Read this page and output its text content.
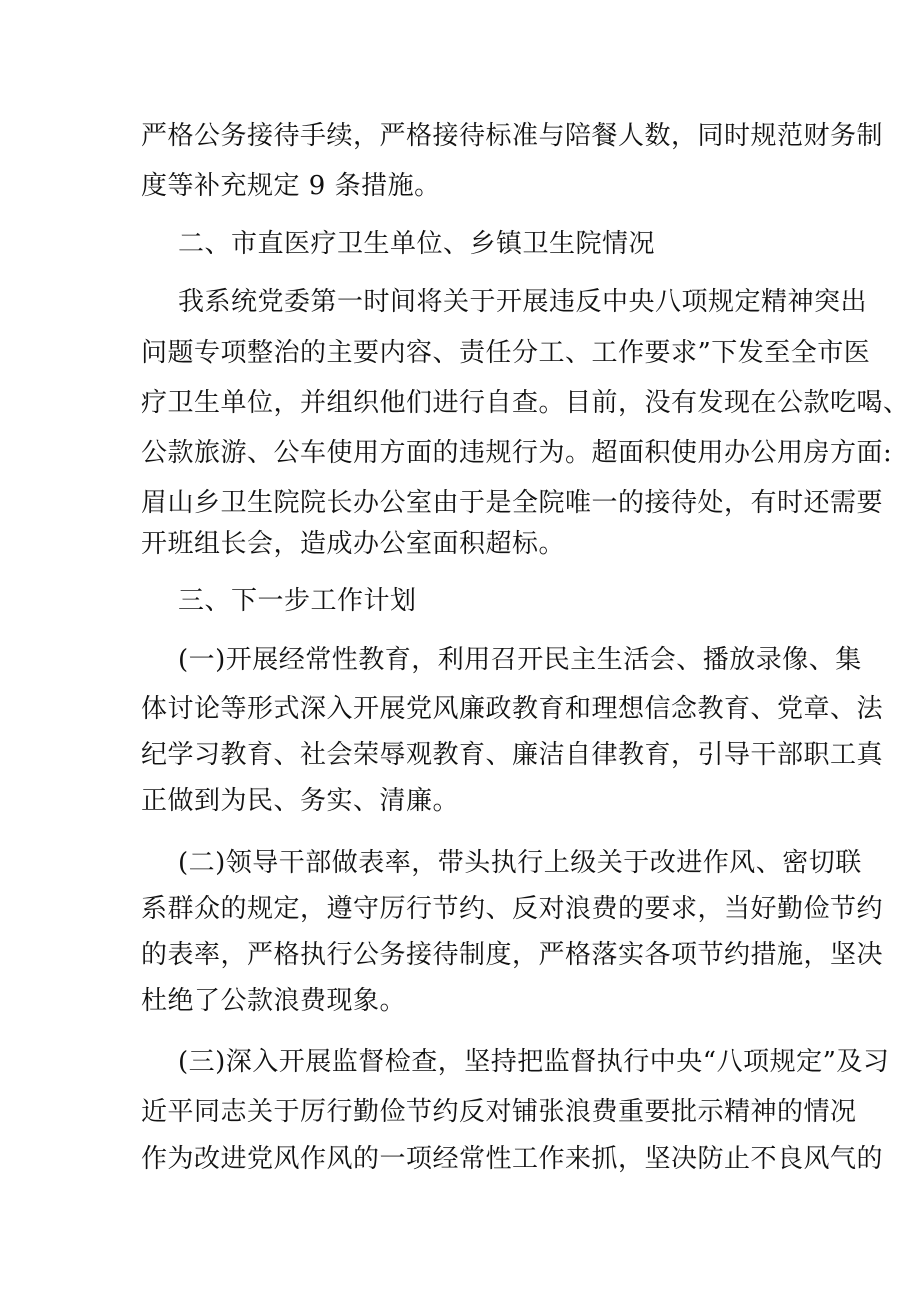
严格公务接待手续，严格接待标准与陪餐人数，同时规范财务制
度等补充规定 9 条措施。
二、市直医疗卫生单位、乡镇卫生院情况
我系统党委第一时间将关于开展违反中央八项规定精神突出
问题专项整治的主要内容、责任分工、工作要求”下发至全市医
疗卫生单位，并组织他们进行自查。目前，没有发现在公款吃喝、
公款旅游、公车使用方面的违规行为。超面积使用办公用房方面:
眉山乡卫生院院长办公室由于是全院唯一的接待处，有时还需要
开班组长会，造成办公室面积超标。
三、下一步工作计划
(一)开展经常性教育，利用召开民主生活会、播放录像、集
体讨论等形式深入开展党风廉政教育和理想信念教育、党章、法
纪学习教育、社会荣辱观教育、廉洁自律教育，引导干部职工真
正做到为民、务实、清廉。
(二)领导干部做表率，带头执行上级关于改进作风、密切联
系群众的规定，遵守厉行节约、反对浪费的要求，当好勤俭节约
的表率，严格执行公务接待制度，严格落实各项节约措施，坚决
杜绝了公款浪费现象。
(三)深入开展监督检查，坚持把监督执行中央“八项规定”及习
近平同志关于厉行勤俭节约反对铺张浪费重要批示精神的情况
作为改进党风作风的一项经常性工作来抓，坚决防止不良风气的
